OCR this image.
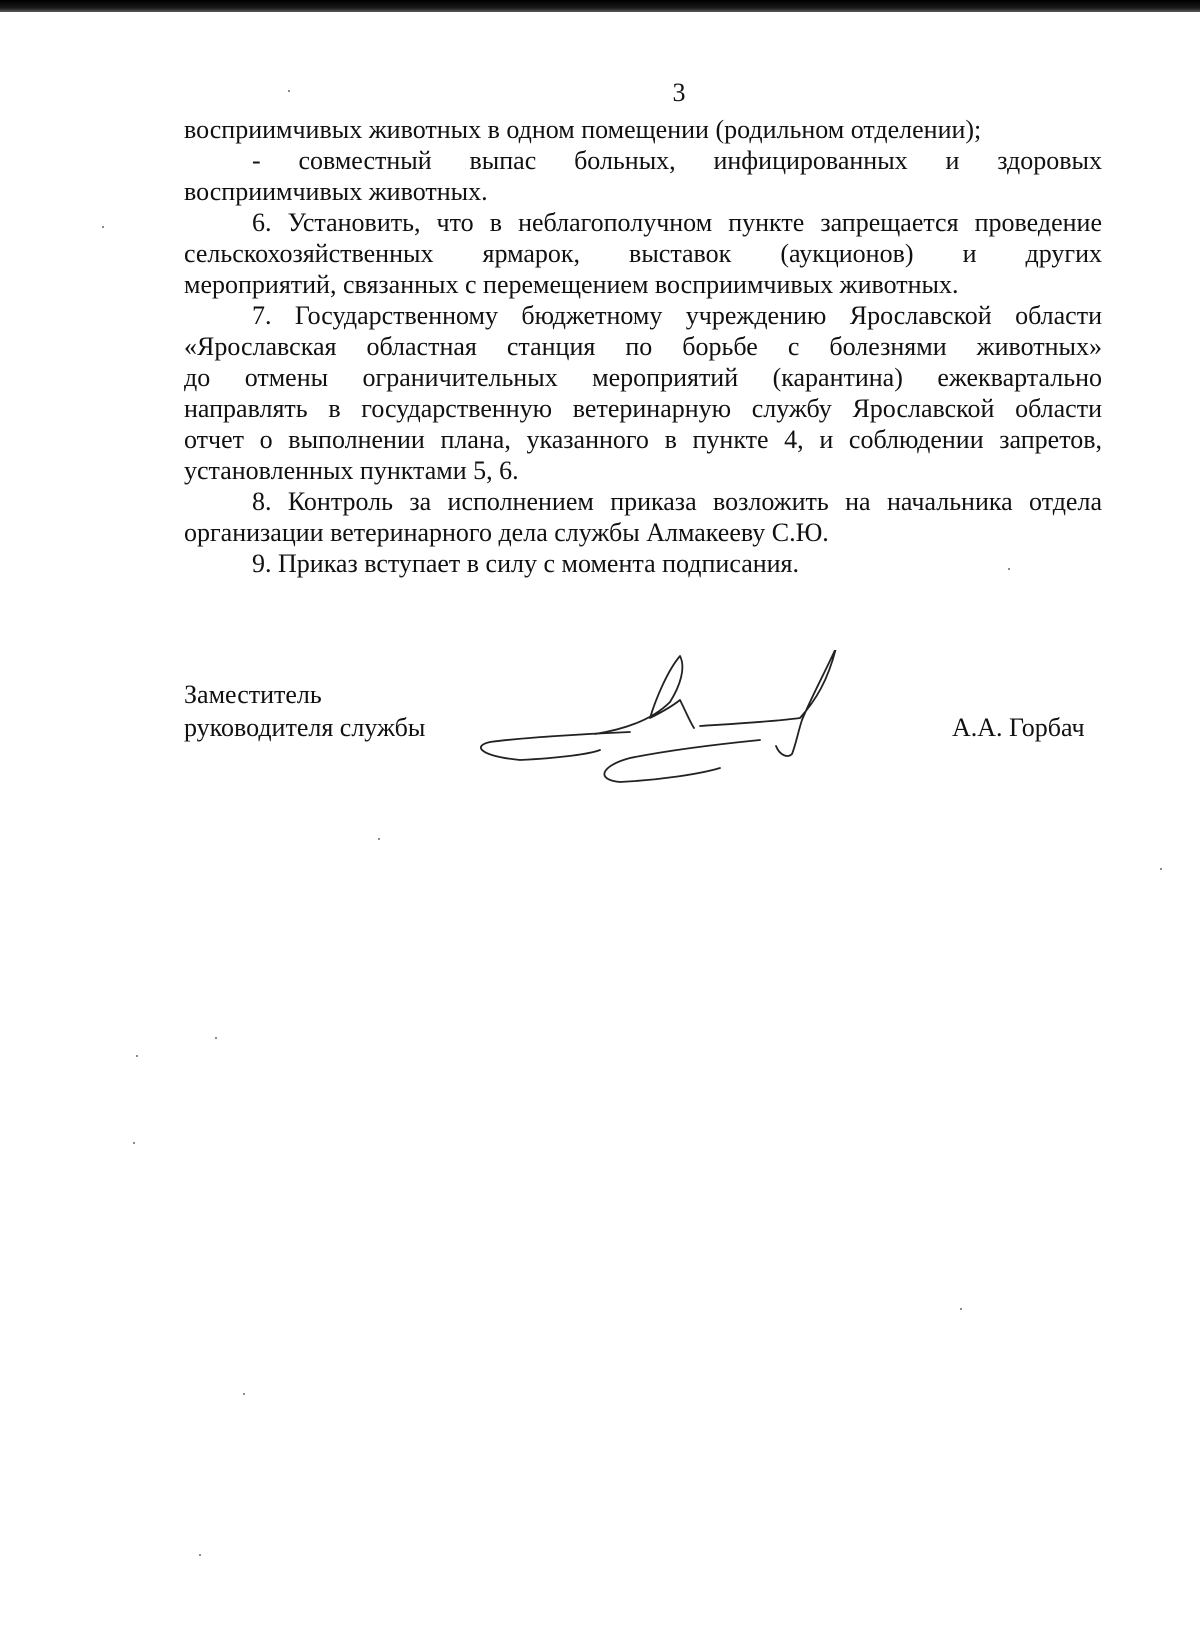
3
восприимчивых животных в одном помещении (родильном отделении);
- совместный выпас больных, инфицированных и здоровых
восприимчивых животных.
6. Установить, что в неблагополучном пункте запрещается проведение
сельскохозяйственных ярмарок, выставок (аукционов) и других
мероприятий, связанных с перемещением восприимчивых животных.
7. Государственному бюджетному учреждению Ярославской области
«Ярославская областная станция по борьбе с болезнями животных»
до отмены ограничительных мероприятий (карантина) ежеквартально
направлять в государственную ветеринарную службу Ярославской области
отчет о выполнении плана, указанного в пункте 4, и соблюдении запретов,
установленных пунктами 5, 6.
8. Контроль за исполнением приказа возложить на начальника отдела
организации ветеринарного дела службы Алмакееву С.Ю.
9. Приказ вступает в силу с момента подписания.
Заместитель
руководителя службы	А.А. Горбач
